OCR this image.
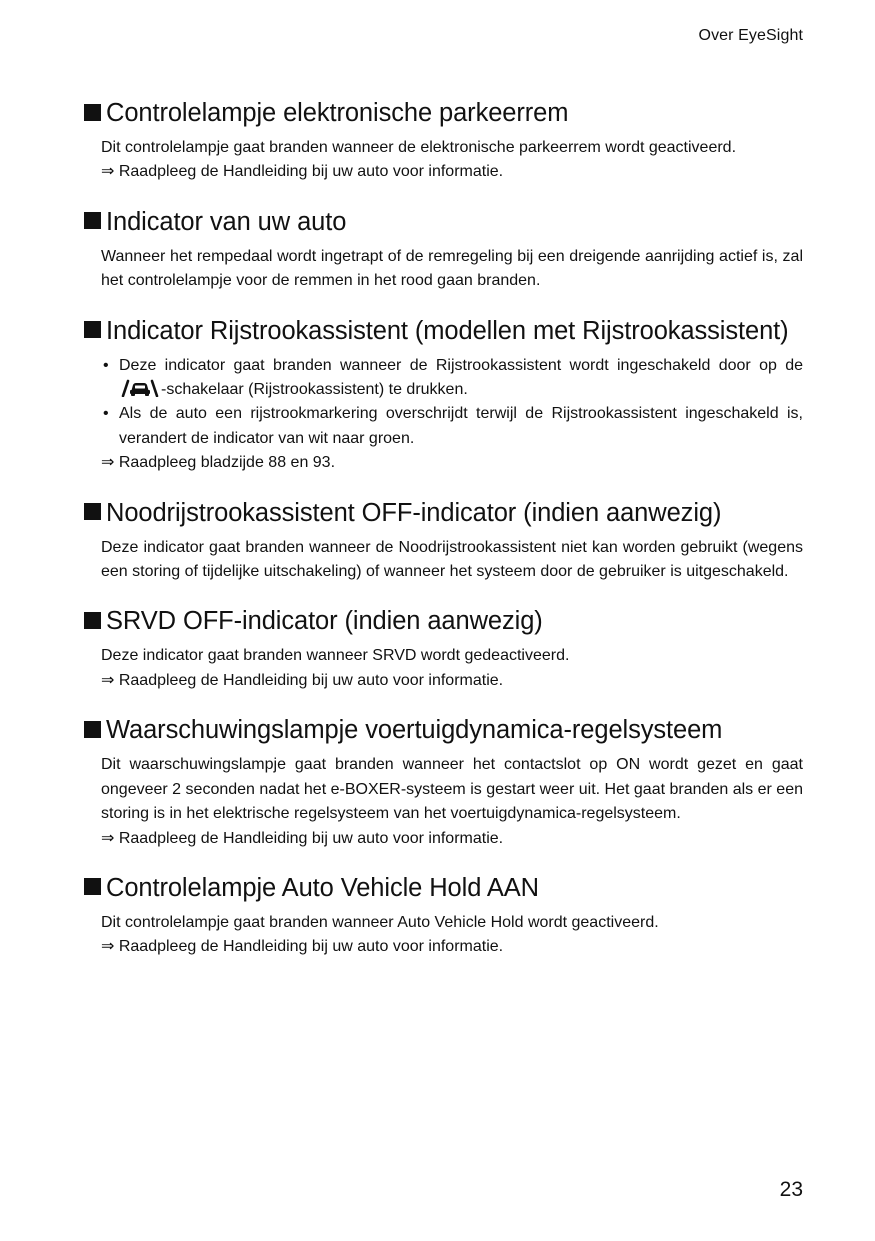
Over EyeSight
Controlelampje elektronische parkeerrem

Dit controlelampje gaat branden wanneer de elektronische parkeerrem wordt geactiveerd.

⇒ Raadpleeg de Handleiding bij uw auto voor informatie.

Indicator van uw auto

Wanneer het rempedaal wordt ingetrapt of de remregeling bij een dreigende aanrijding actief is, zal het controlelampje voor de remmen in het rood gaan branden.

Indicator Rijstrookassistent (modellen met Rijstrookassistent)
• Deze indicator gaat branden wanneer de Rijstrookassistent wordt ingeschakeld door op de -schakelaar (Rijstrookassistent) te drukken.
• Als de auto een rijstrookmarkering overschrijdt terwijl de Rijstrookassistent ingeschakeld is, verandert de indicator van wit naar groen.

⇒ Raadpleeg bladzijde 88 en 93.

Noodrijstrookassistent OFF-indicator (indien aanwezig)

Deze indicator gaat branden wanneer de Noodrijstrookassistent niet kan worden gebruikt (wegens een storing of tijdelijke uitschakeling) of wanneer het systeem door de gebruiker is uitgeschakeld.

SRVD OFF-indicator (indien aanwezig)

Deze indicator gaat branden wanneer SRVD wordt gedeactiveerd.

⇒ Raadpleeg de Handleiding bij uw auto voor informatie.

Waarschuwingslampje voertuigdynamica-regelsysteem

Dit waarschuwingslampje gaat branden wanneer het contactslot op ON wordt gezet en gaat ongeveer 2 seconden nadat het e-BOXER-systeem is gestart weer uit. Het gaat branden als er een storing is in het elektrische regelsysteem van het voertuigdynamica-regelsysteem.

⇒ Raadpleeg de Handleiding bij uw auto voor informatie.

Controlelampje Auto Vehicle Hold AAN

Dit controlelampje gaat branden wanneer Auto Vehicle Hold wordt geactiveerd.

⇒ Raadpleeg de Handleiding bij uw auto voor informatie.

23
